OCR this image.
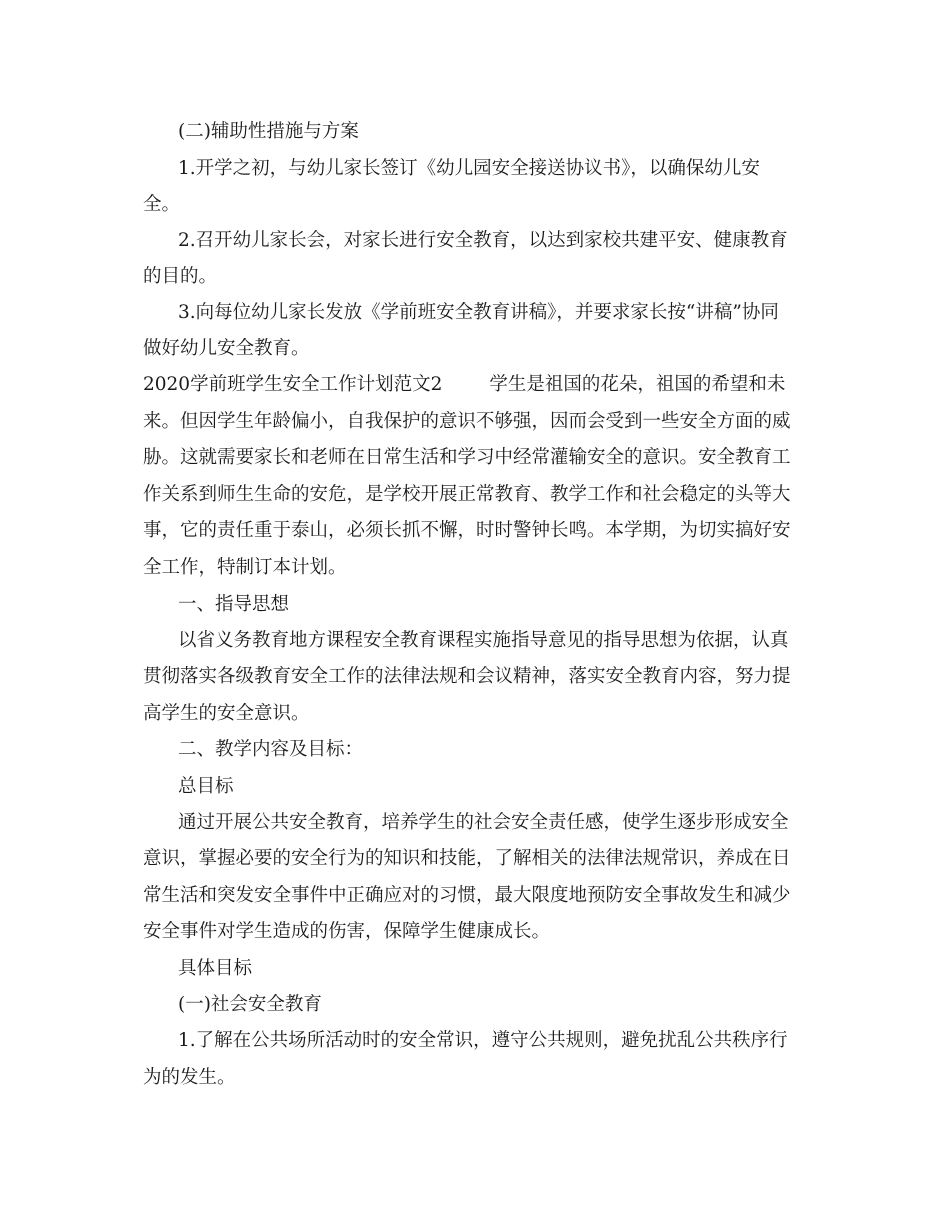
(二)辅助性措施与方案
1.开学之初，与幼儿家长签订《幼儿园安全接送协议书》，以确保幼儿安
全。
2.召开幼儿家长会，对家长进行安全教育，以达到家校共建平安、健康教育
的目的。
3.向每位幼儿家长发放《学前班安全教育讲稿》，并要求家长按“讲稿”协同
做好幼儿安全教育。
2020学前班学生安全工作计划范文2        学生是祖国的花朵，祖国的希望和未
来。但因学生年龄偏小，自我保护的意识不够强，因而会受到一些安全方面的威
胁。这就需要家长和老师在日常生活和学习中经常灌输安全的意识。安全教育工
作关系到师生生命的安危，是学校开展正常教育、教学工作和社会稳定的头等大
事，它的责任重于泰山，必须长抓不懈，时时警钟长鸣。本学期，为切实搞好安
全工作，特制订本计划。
一、指导思想
以省义务教育地方课程安全教育课程实施指导意见的指导思想为依据，认真
贯彻落实各级教育安全工作的法律法规和会议精神，落实安全教育内容，努力提
高学生的安全意识。
二、教学内容及目标：
总目标
通过开展公共安全教育，培养学生的社会安全责任感，使学生逐步形成安全
意识，掌握必要的安全行为的知识和技能，了解相关的法律法规常识，养成在日
常生活和突发安全事件中正确应对的习惯，最大限度地预防安全事故发生和减少
安全事件对学生造成的伤害，保障学生健康成长。
具体目标
(一)社会安全教育
1.了解在公共场所活动时的安全常识，遵守公共规则，避免扰乱公共秩序行
为的发生。
